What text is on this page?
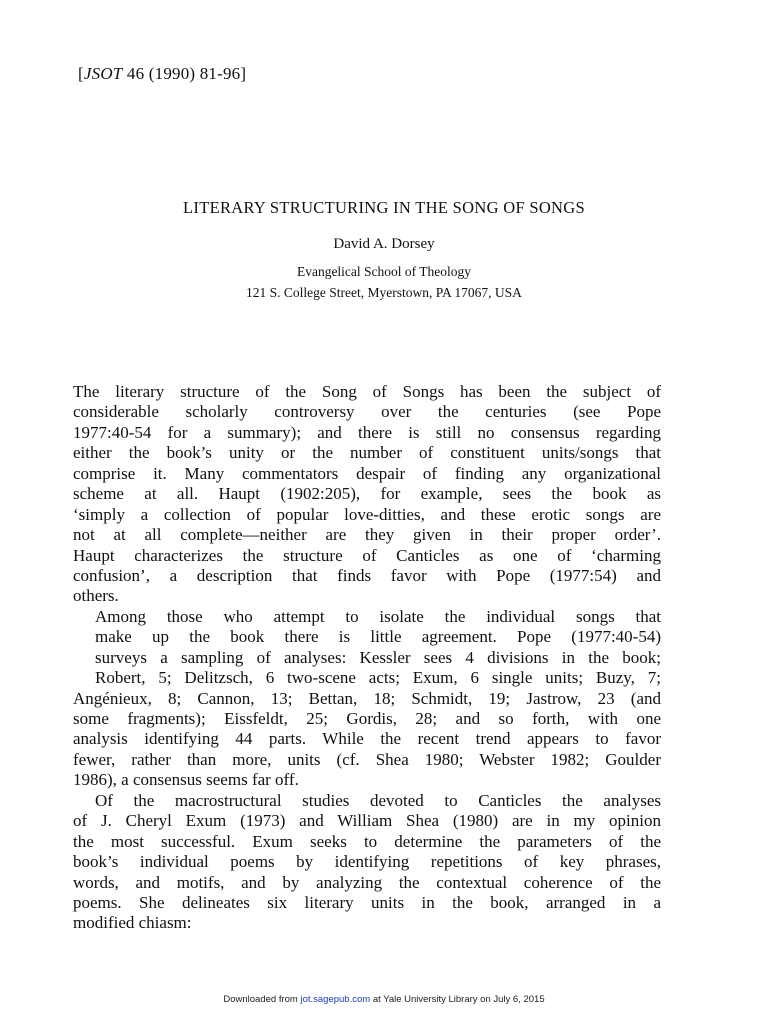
[JSOT 46 (1990) 81-96]
LITERARY STRUCTURING IN THE SONG OF SONGS
David A. Dorsey
Evangelical School of Theology
121 S. College Street, Myerstown, PA 17067, USA
The literary structure of the Song of Songs has been the subject of
considerable scholarly controversy over the centuries (see Pope
1977:40-54 for a summary); and there is still no consensus regarding
either the book’s unity or the number of constituent units/songs that
comprise it. Many commentators despair of finding any organizational
scheme at all. Haupt (1902:205), for example, sees the book as
‘simply a collection of popular love-ditties, and these erotic songs are
not at all complete—neither are they given in their proper order’.
Haupt characterizes the structure of Canticles as one of ‘charming
confusion’, a description that finds favor with Pope (1977:54) and
others.
Among those who attempt to isolate the individual songs that
make up the book there is little agreement. Pope (1977:40-54)
surveys a sampling of analyses: Kessler sees 4 divisions in the book;
Robert, 5; Delitzsch, 6 two-scene acts; Exum, 6 single units; Buzy, 7;
Angénieux, 8; Cannon, 13; Bettan, 18; Schmidt, 19; Jastrow, 23 (and
some fragments); Eissfeldt, 25; Gordis, 28; and so forth, with one
analysis identifying 44 parts. While the recent trend appears to favor
fewer, rather than more, units (cf. Shea 1980; Webster 1982; Goulder
1986), a consensus seems far off.
Of the macrostructural studies devoted to Canticles the analyses
of J. Cheryl Exum (1973) and William Shea (1980) are in my opinion
the most successful. Exum seeks to determine the parameters of the
book’s individual poems by identifying repetitions of key phrases,
words, and motifs, and by analyzing the contextual coherence of the
poems. She delineates six literary units in the book, arranged in a
modified chiasm:
Downloaded from jot.sagepub.com at Yale University Library on July 6, 2015
